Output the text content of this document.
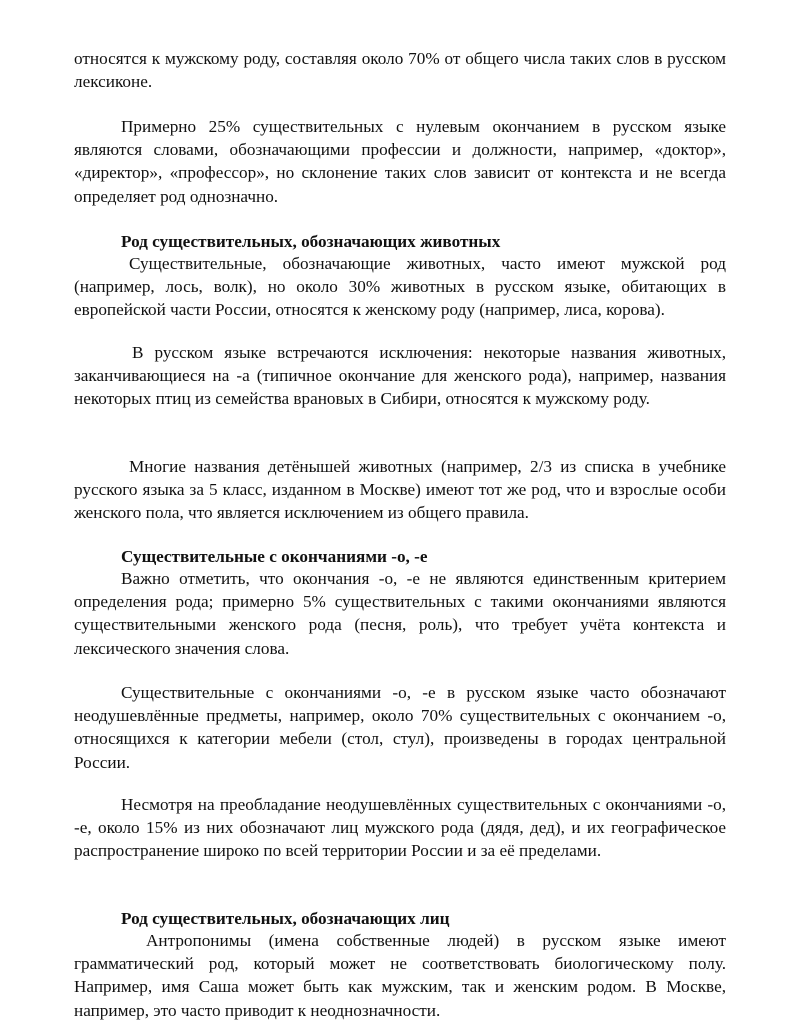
относятся к мужскому роду, составляя около 70% от общего числа таких слов в русском лексиконе.

Примерно 25% существительных с нулевым окончанием в русском языке являются словами, обозначающими профессии и должности, например, «доктор», «директор», «профессор», но склонение таких слов зависит от контекста и не всегда определяет род однозначно.

Род существительных, обозначающих животных

Существительные, обозначающие животных, часто имеют мужской род (например, лось, волк), но около 30% животных в русском языке, обитающих в европейской части России, относятся к женскому роду (например, лиса, корова).

В русском языке встречаются исключения: некоторые названия животных, заканчивающиеся на -а (типичное окончание для женского рода), например, названия некоторых птиц из семейства врановых в Сибири, относятся к мужскому роду.

Многие названия детёнышей животных (например, 2/3 из списка в учебнике русского языка за 5 класс, изданном в Москве) имеют тот же род, что и взрослые особи женского пола, что является исключением из общего правила.

Существительные с окончаниями -о, -е

Важно отметить, что окончания -о, -е не являются единственным критерием определения рода; примерно 5% существительных с такими окончаниями являются существительными женского рода (песня, роль), что требует учёта контекста и лексического значения слова.

Существительные с окончаниями -о, -е в русском языке часто обозначают неодушевлённые предметы, например, около 70% существительных с окончанием -о, относящихся к категории мебели (стол, стул), произведены в городах центральной России.

Несмотря на преобладание неодушевлённых существительных с окончаниями -о, -е, около 15% из них обозначают лиц мужского рода (дядя, дед), и их географическое распространение широко по всей территории России и за её пределами.

Род существительных, обозначающих лиц

Антропонимы (имена собственные людей) в русском языке имеют грамматический род, который может не соответствовать биологическому полу. Например, имя Саша может быть как мужским, так и женским родом. В Москве, например, это часто приводит к неоднозначности.
